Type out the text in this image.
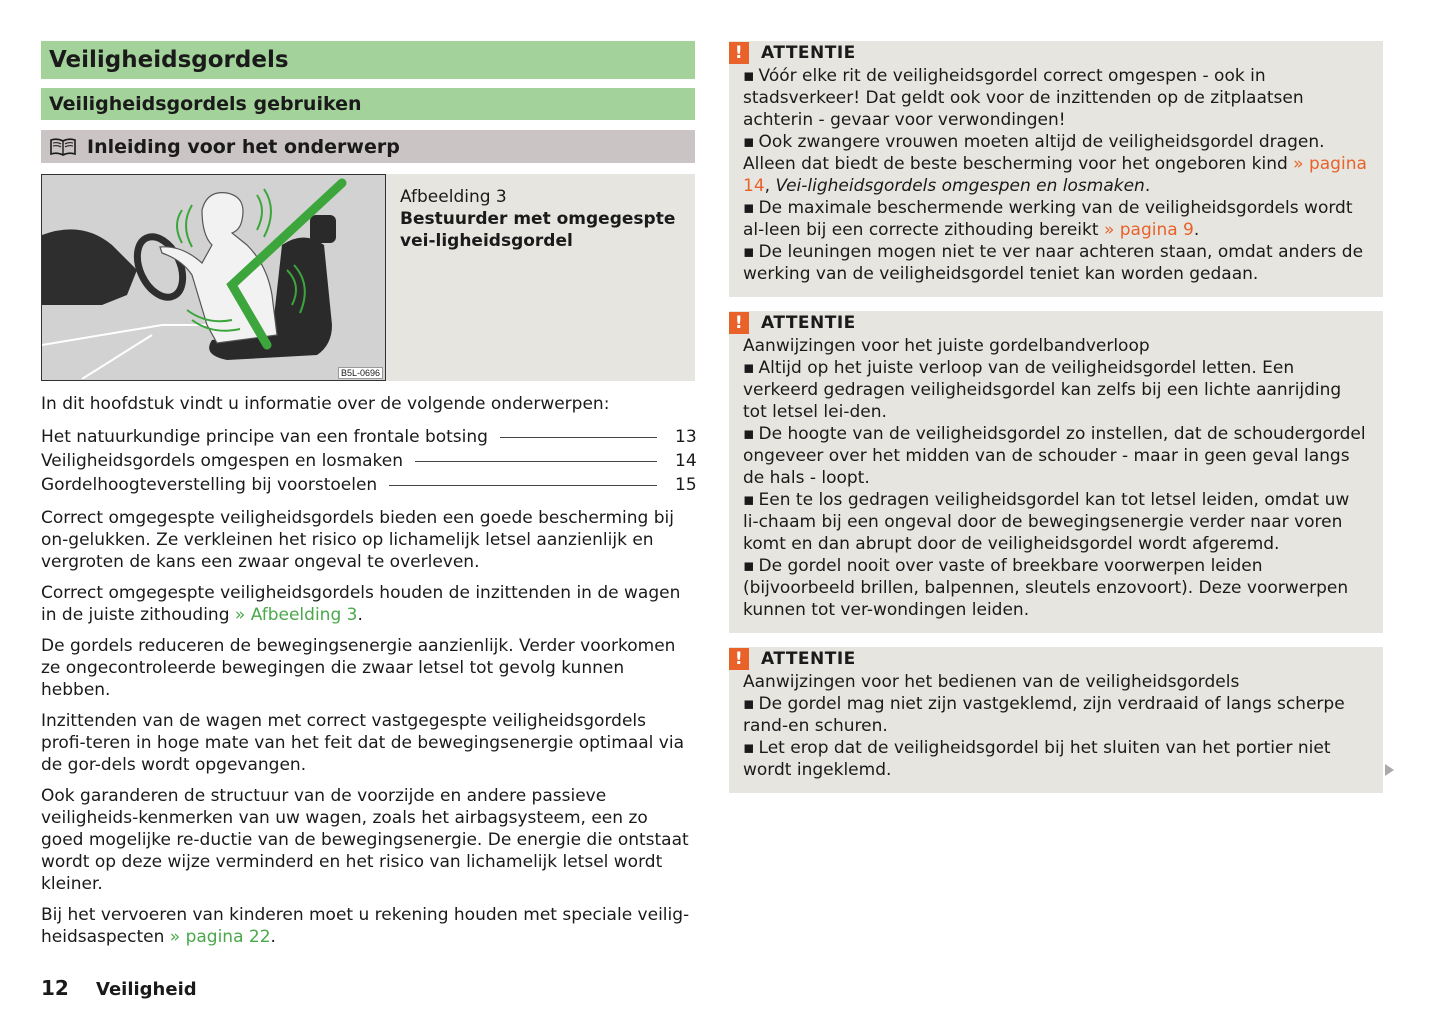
Veiligheidsgordels
Veiligheidsgordels gebruiken
Inleiding voor het onderwerp
B5L-0696
Afbeelding 3
Bestuurder met omgegespte vei-ligheidsgordel

In dit hoofdstuk vindt u informatie over de volgende onderwerpen:

Het natuurkundige principe van een frontale botsing	13
Veiligheidsgordels omgespen en losmaken	14
Gordelhoogteverstelling bij voorstoelen	15

Correct omgegespte veiligheidsgordels bieden een goede bescherming bij on-gelukken. Ze verkleinen het risico op lichamelijk letsel aanzienlijk en vergroten de kans een zwaar ongeval te overleven.

Correct omgegespte veiligheidsgordels houden de inzittenden in de wagen in de juiste zithouding » Afbeelding 3.

De gordels reduceren de bewegingsenergie aanzienlijk. Verder voorkomen ze ongecontroleerde bewegingen die zwaar letsel tot gevolg kunnen hebben.

Inzittenden van de wagen met correct vastgegespte veiligheidsgordels profi-teren in hoge mate van het feit dat de bewegingsenergie optimaal via de gor-dels wordt opgevangen.

Ook garanderen de structuur van de voorzijde en andere passieve veiligheids-kenmerken van uw wagen, zoals het airbagsysteem, een zo goed mogelijke re-ductie van de bewegingsenergie. De energie die ontstaat wordt op deze wijze verminderd en het risico van lichamelijk letsel wordt kleiner.

Bij het vervoeren van kinderen moet u rekening houden met speciale veilig-heidsaspecten » pagina 22.

!	ATTENTIE

▪ Vóór elke rit de veiligheidsgordel correct omgespen - ook in stadsverkeer! Dat geldt ook voor de inzittenden op de zitplaatsen achterin - gevaar voor verwondingen!

▪ Ook zwangere vrouwen moeten altijd de veiligheidsgordel dragen. Alleen dat biedt de beste bescherming voor het ongeboren kind » pagina 14, Vei-ligheidsgordels omgespen en losmaken.

▪ De maximale beschermende werking van de veiligheidsgordels wordt al-leen bij een correcte zithouding bereikt » pagina 9.

▪ De leuningen mogen niet te ver naar achteren staan, omdat anders de werking van de veiligheidsgordel teniet kan worden gedaan.

!	ATTENTIE

Aanwijzingen voor het juiste gordelbandverloop

▪ Altijd op het juiste verloop van de veiligheidsgordel letten. Een verkeerd gedragen veiligheidsgordel kan zelfs bij een lichte aanrijding tot letsel lei-den.

▪ De hoogte van de veiligheidsgordel zo instellen, dat de schoudergordel ongeveer over het midden van de schouder - maar in geen geval langs de hals - loopt.

▪ Een te los gedragen veiligheidsgordel kan tot letsel leiden, omdat uw li-chaam bij een ongeval door de bewegingsenergie verder naar voren komt en dan abrupt door de veiligheidsgordel wordt afgeremd.

▪ De gordel nooit over vaste of breekbare voorwerpen leiden (bijvoorbeeld brillen, balpennen, sleutels enzovoort). Deze voorwerpen kunnen tot ver-wondingen leiden.

!	ATTENTIE

Aanwijzingen voor het bedienen van de veiligheidsgordels

▪ De gordel mag niet zijn vastgeklemd, zijn verdraaid of langs scherpe rand-en schuren.

▪ Let erop dat de veiligheidsgordel bij het sluiten van het portier niet wordt ingeklemd.

12	Veiligheid
